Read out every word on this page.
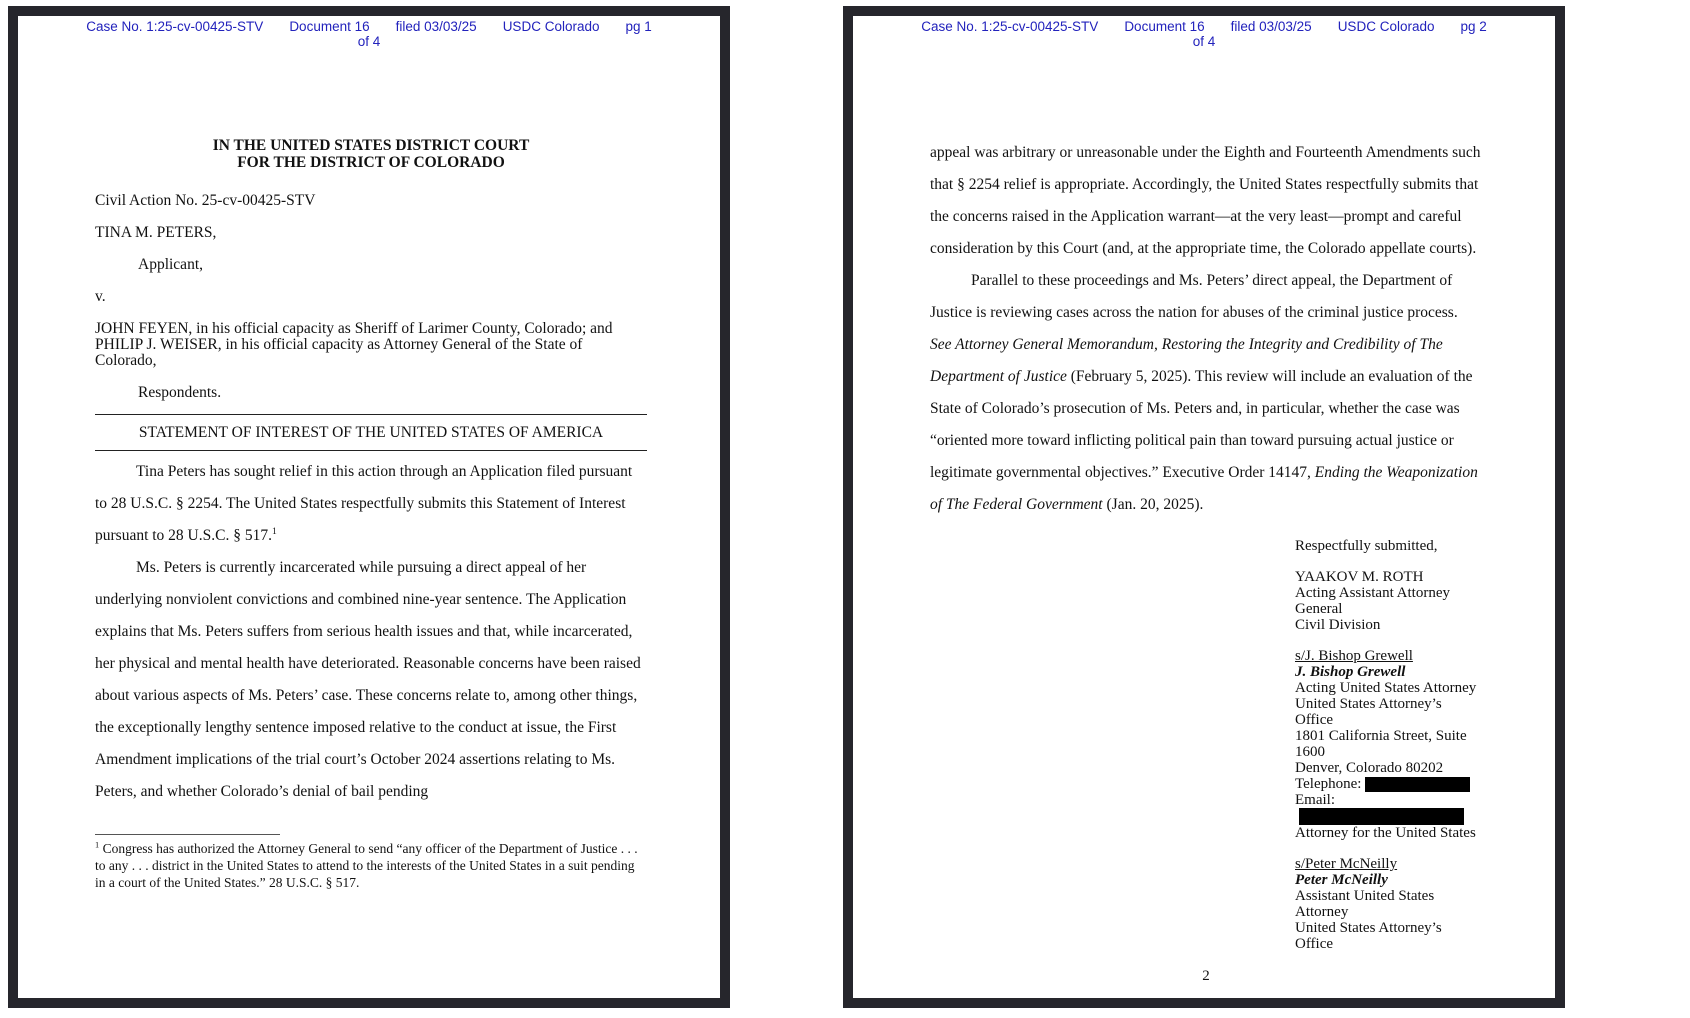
Case No. 1:25-cv-00425-STV Document 16 filed 03/03/25 USDC Colorado pg 1
of 4
IN THE UNITED STATES DISTRICT COURT
FOR THE DISTRICT OF COLORADO
Civil Action No. 25-cv-00425-STV
TINA M. PETERS,
Applicant,
v.
JOHN FEYEN, in his official capacity as Sheriff of Larimer County, Colorado; and
PHILIP J. WEISER, in his official capacity as Attorney General of the State of Colorado,
Respondents.
STATEMENT OF INTEREST OF THE UNITED STATES OF AMERICA

Tina Peters has sought relief in this action through an Application filed pursuant to 28 U.S.C. § 2254. The United States respectfully submits this Statement of Interest pursuant to 28 U.S.C. § 517.$^1$

Ms. Peters is currently incarcerated while pursuing a direct appeal of her underlying nonviolent convictions and combined nine-year sentence. The Application explains that Ms. Peters suffers from serious health issues and that, while incarcerated, her physical and mental health have deteriorated. Reasonable concerns have been raised about various aspects of Ms. Peters’ case. These concerns relate to, among other things, the exceptionally lengthy sentence imposed relative to the conduct at issue, the First Amendment implications of the trial court’s October 2024 assertions relating to Ms. Peters, and whether Colorado’s denial of bail pending

$^1$ Congress has authorized the Attorney General to send “any officer of the Department of Justice . . . to any . . . district in the United States to attend to the interests of the United States in a suit pending in a court of the United States.” 28 U.S.C. § 517.

Case No. 1:25-cv-00425-STV Document 16 filed 03/03/25 USDC Colorado pg 2
of 4

appeal was arbitrary or unreasonable under the Eighth and Fourteenth Amendments such that § 2254 relief is appropriate. Accordingly, the United States respectfully submits that the concerns raised in the Application warrant—at the very least—prompt and careful consideration by this Court (and, at the appropriate time, the Colorado appellate courts).

Parallel to these proceedings and Ms. Peters’ direct appeal, the Department of Justice is reviewing cases across the nation for abuses of the criminal justice process. See Attorney General Memorandum, Restoring the Integrity and Credibility of The Department of Justice (February 5, 2025). This review will include an evaluation of the State of Colorado’s prosecution of Ms. Peters and, in particular, whether the case was “oriented more toward inflicting political pain than toward pursuing actual justice or legitimate governmental objectives.” Executive Order 14147, Ending the Weaponization of The Federal Government (Jan. 20, 2025).

Respectfully submitted,
YAAKOV M. ROTH
Acting Assistant Attorney General
Civil Division
s/J. Bishop Grewell
J. Bishop Grewell
Acting United States Attorney
United States Attorney’s Office
1801 California Street, Suite 1600
Denver, Colorado 80202
Telephone:
Email:
Attorney for the United States
s/Peter McNeilly
Peter McNeilly
Assistant United States Attorney
United States Attorney’s Office
2
